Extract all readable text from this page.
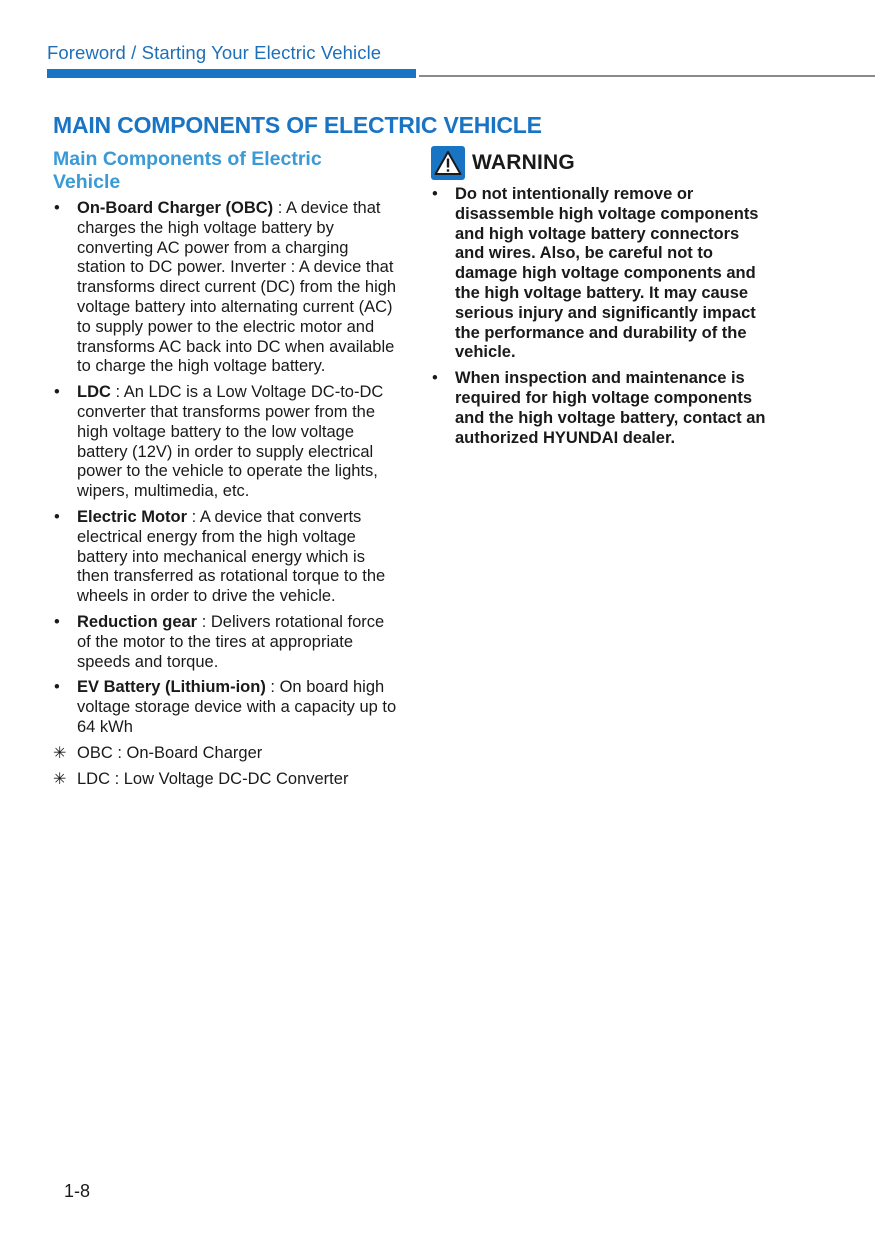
Foreword / Starting Your Electric Vehicle
MAIN COMPONENTS OF ELECTRIC VEHICLE
Main Components of Electric Vehicle
• On-Board Charger (OBC) : A device that charges the high voltage battery by converting AC power from a charging station to DC power. Inverter : A device that transforms direct current (DC) from the high voltage battery into alternating current (AC) to supply power to the electric motor and transforms AC back into DC when available to charge the high voltage battery.
• LDC : An LDC is a Low Voltage DC-to-DC converter that transforms power from the high voltage battery to the low voltage battery (12V) in order to supply electrical power to the vehicle to operate the lights, wipers, multimedia, etc.
• Electric Motor : A device that converts electrical energy from the high voltage battery into mechanical energy which is then transferred as rotational torque to the wheels in order to drive the vehicle.
• Reduction gear : Delivers rotational force of the motor to the tires at appropriate speeds and torque.
• EV Battery (Lithium-ion) : On board high voltage storage device with a capacity up to 64 kWh
✳ OBC : On-Board Charger
✳ LDC : Low Voltage DC-DC Converter
WARNING
• Do not intentionally remove or disassemble high voltage components and high voltage battery connectors and wires. Also, be careful not to damage high voltage components and the high voltage battery. It may cause serious injury and significantly impact the performance and durability of the vehicle.
• When inspection and maintenance is required for high voltage components and the high voltage battery, contact an authorized HYUNDAI dealer.
1-8
